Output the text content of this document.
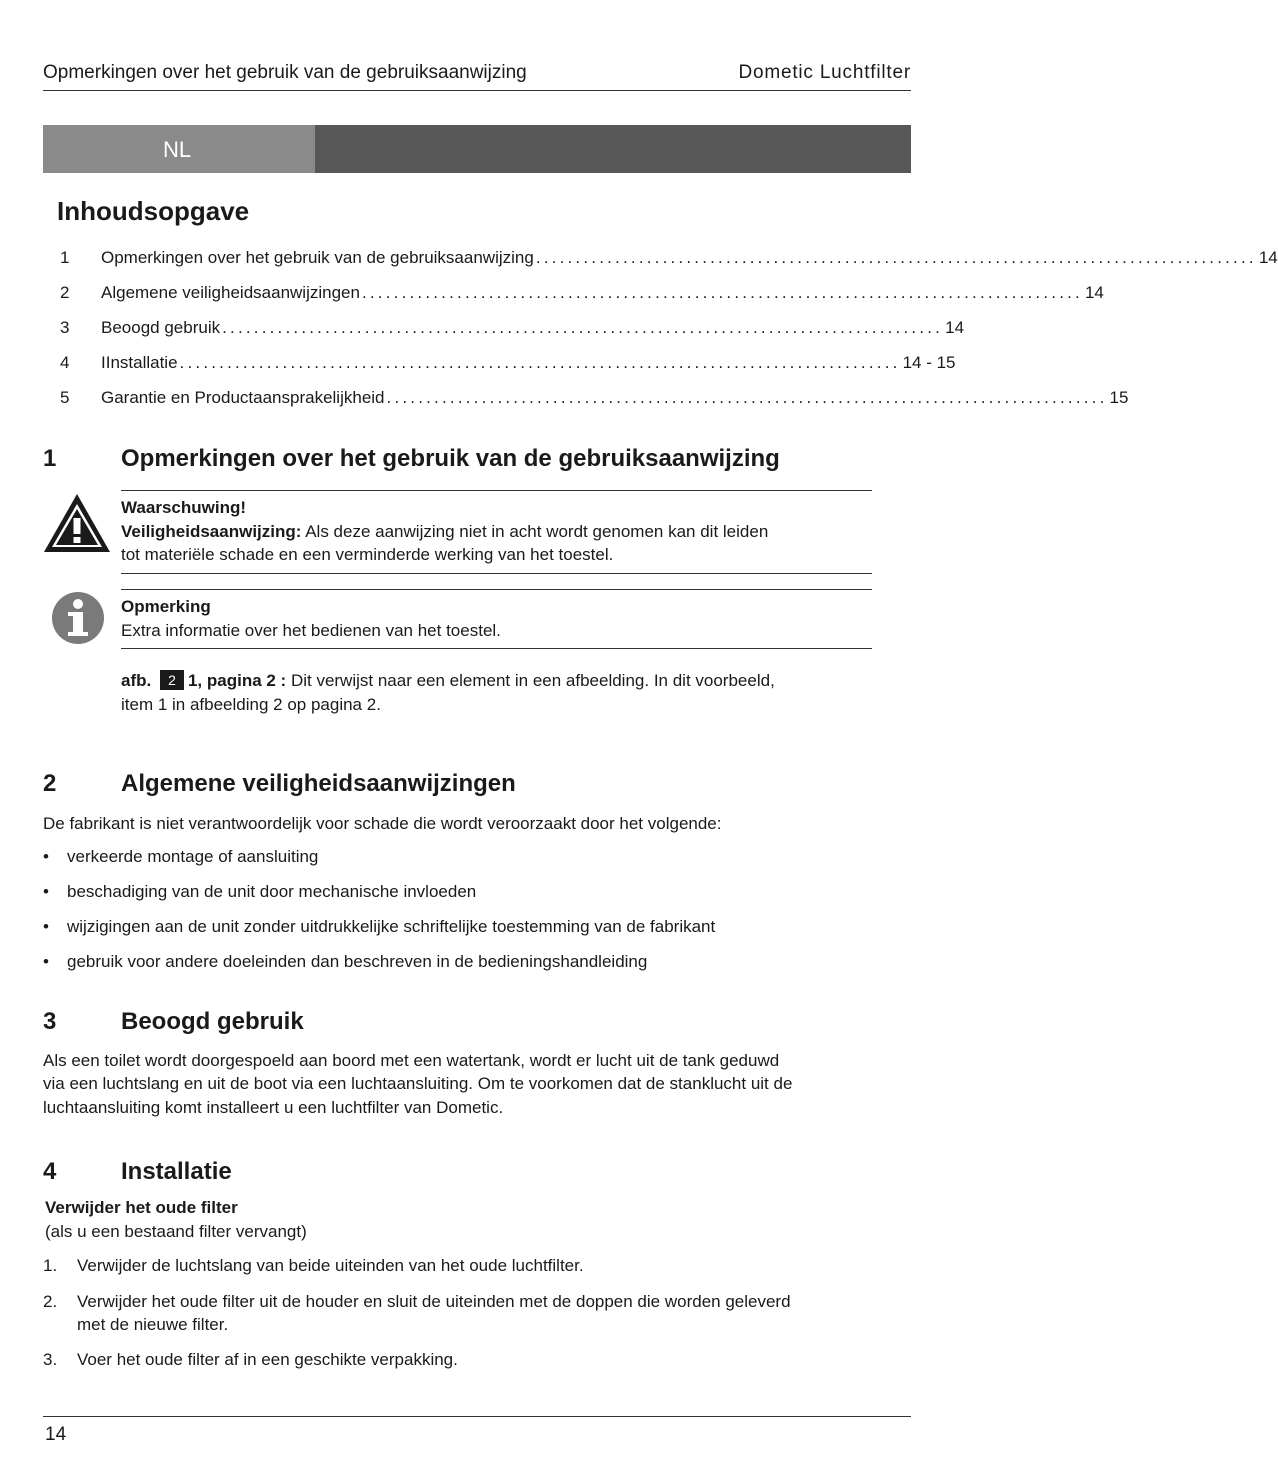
Opmerkingen over het gebruik van de gebruiksaanwijzing	Dometic Luchtfilter
NL
Inhoudsopgave
1 Opmerkingen over het gebruik van de gebruiksaanwijzing ........................................................................................... 14
2 Algemene veiligheidsaanwijzingen ........................................................................................... 14
3 Beoogd gebruik ........................................................................................... 14
4 IInstallatie ........................................................................................... 14 - 15
5 Garantie en Productaansprakelijkheid ........................................................................................... 15
1	Opmerkingen over het gebruik van de gebruiksaanwijzing
Waarschuwing!
Veiligheidsaanwijzing: Als deze aanwijzing niet in acht wordt genomen kan dit leiden
tot materiële schade en een verminderde werking van het toestel.
Opmerking
Extra informatie over het bedienen van het toestel.
afb. 2 1, pagina 2 : Dit verwijst naar een element in een afbeelding. In dit voorbeeld,
item 1 in afbeelding 2 op pagina 2.
2	Algemene veiligheidsaanwijzingen
De fabrikant is niet verantwoordelijk voor schade die wordt veroorzaakt door het volgende:
• verkeerde montage of aansluiting
• beschadiging van de unit door mechanische invloeden
• wijzigingen aan de unit zonder uitdrukkelijke schriftelijke toestemming van de fabrikant
• gebruik voor andere doeleinden dan beschreven in de bedieningshandleiding
3	Beoogd gebruik
Als een toilet wordt doorgespoeld aan boord met een watertank, wordt er lucht uit de tank geduwd
via een luchtslang en uit de boot via een luchtaansluiting. Om te voorkomen dat de stanklucht uit de
luchtaansluiting komt installeert u een luchtfilter van Dometic.
4	Installatie
Verwijder het oude filter
(als u een bestaand filter vervangt)
1. Verwijder de luchtslang van beide uiteinden van het oude luchtfilter.
2. Verwijder het oude filter uit de houder en sluit de uiteinden met de doppen die worden geleverd
met de nieuwe filter.
3. Voer het oude filter af in een geschikte verpakking.
14
